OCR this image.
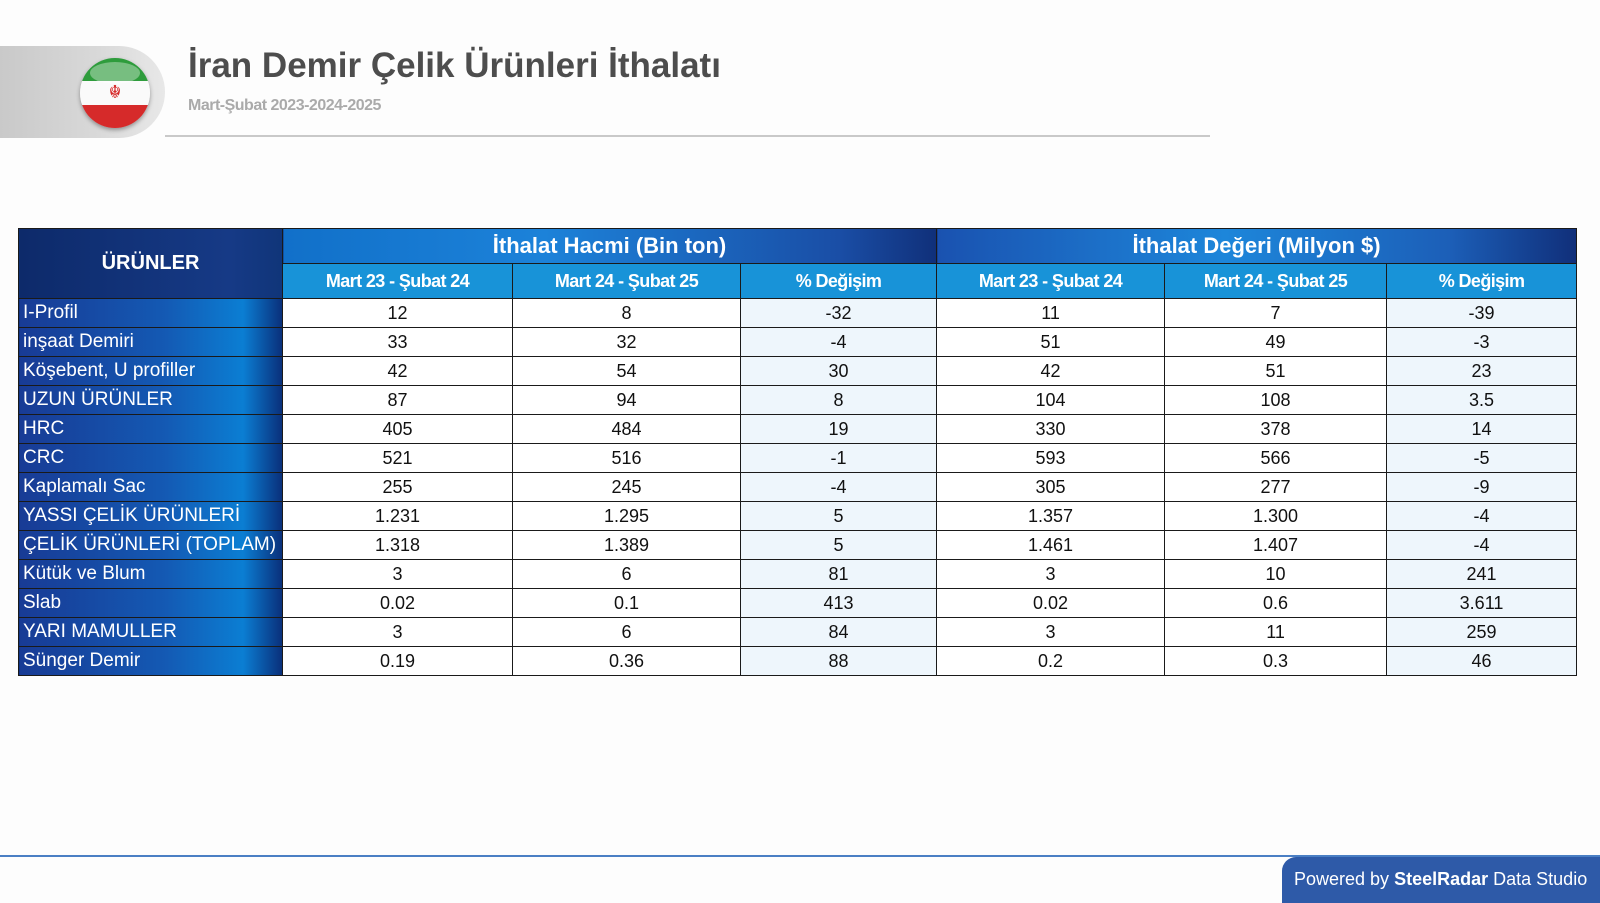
☬
İran Demir Çelik Ürünleri İthalatı
Mart-Şubat 2023-2024-2025
ÜRÜNLER	İthalat Hacmi (Bin ton)			İthalat Değeri (Milyon $)		
	Mart 23 - Şubat 24	Mart 24 - Şubat 25	% Değişim	Mart 23 - Şubat 24	Mart 24 - Şubat 25	% Değişim
I-Profil	12	8	-32	11	7	-39
inşaat Demiri	33	32	-4	51	49	-3
Köşebent, U profiller	42	54	30	42	51	23
UZUN ÜRÜNLER	87	94	8	104	108	3.5
HRC	405	484	19	330	378	14
CRC	521	516	-1	593	566	-5
Kaplamalı Sac	255	245	-4	305	277	-9
YASSI ÇELİK ÜRÜNLERİ	1.231	1.295	5	1.357	1.300	-4
ÇELİK ÜRÜNLERİ (TOPLAM)	1.318	1.389	5	1.461	1.407	-4
Kütük ve Blum	3	6	81	3	10	241
Slab	0.02	0.1	413	0.02	0.6	3.611
YARI MAMULLER	3	6	84	3	11	259
Sünger Demir	0.19	0.36	88	0.2	0.3	46
Powered by SteelRadar Data Studio
